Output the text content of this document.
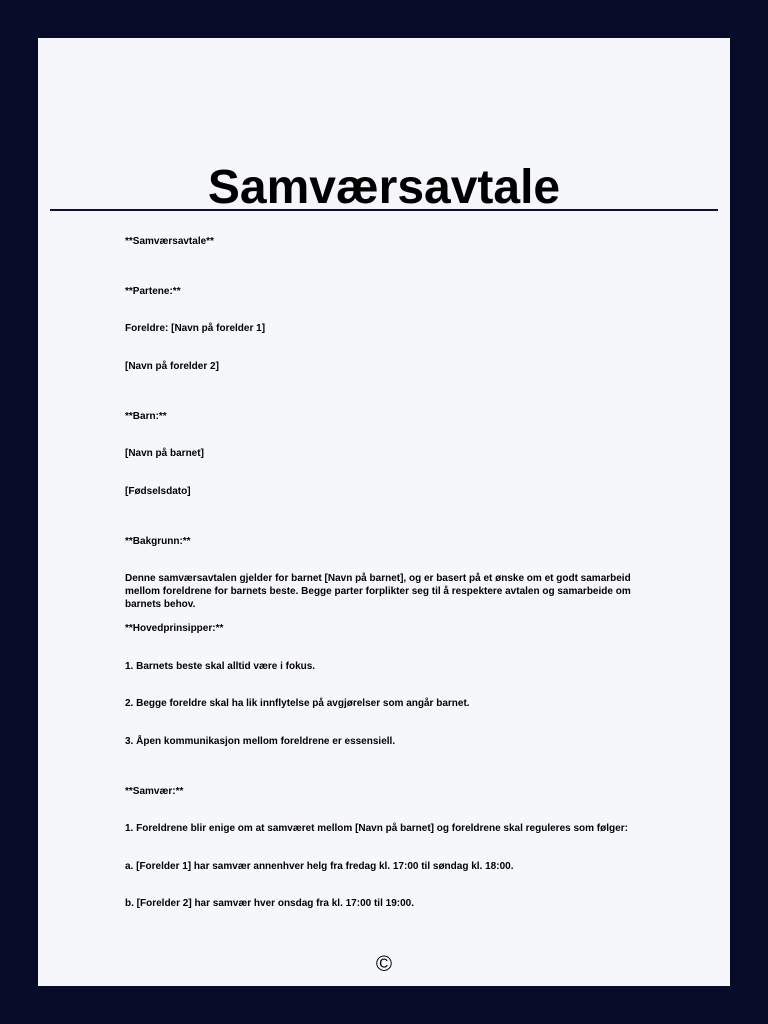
Samværsavtale

**Samværsavtale**

**Partene:**

Foreldre: [Navn på forelder 1]

[Navn på forelder 2]

**Barn:**

[Navn på barnet]

[Fødselsdato]

**Bakgrunn:**

Denne samværsavtalen gjelder for barnet [Navn på barnet], og er basert på et ønske om et godt samarbeid mellom foreldrene for barnets beste. Begge parter forplikter seg til å respektere avtalen og samarbeide om barnets behov.

**Hovedprinsipper:**

1. Barnets beste skal alltid være i fokus.

2. Begge foreldre skal ha lik innflytelse på avgjørelser som angår barnet.

3. Åpen kommunikasjon mellom foreldrene er essensiell.

**Samvær:**

1. Foreldrene blir enige om at samværet mellom [Navn på barnet] og foreldrene skal reguleres som følger:

a. [Forelder 1] har samvær annenhver helg fra fredag kl. 17:00 til søndag kl. 18:00.

b. [Forelder 2] har samvær hver onsdag fra kl. 17:00 til 19:00.

©
